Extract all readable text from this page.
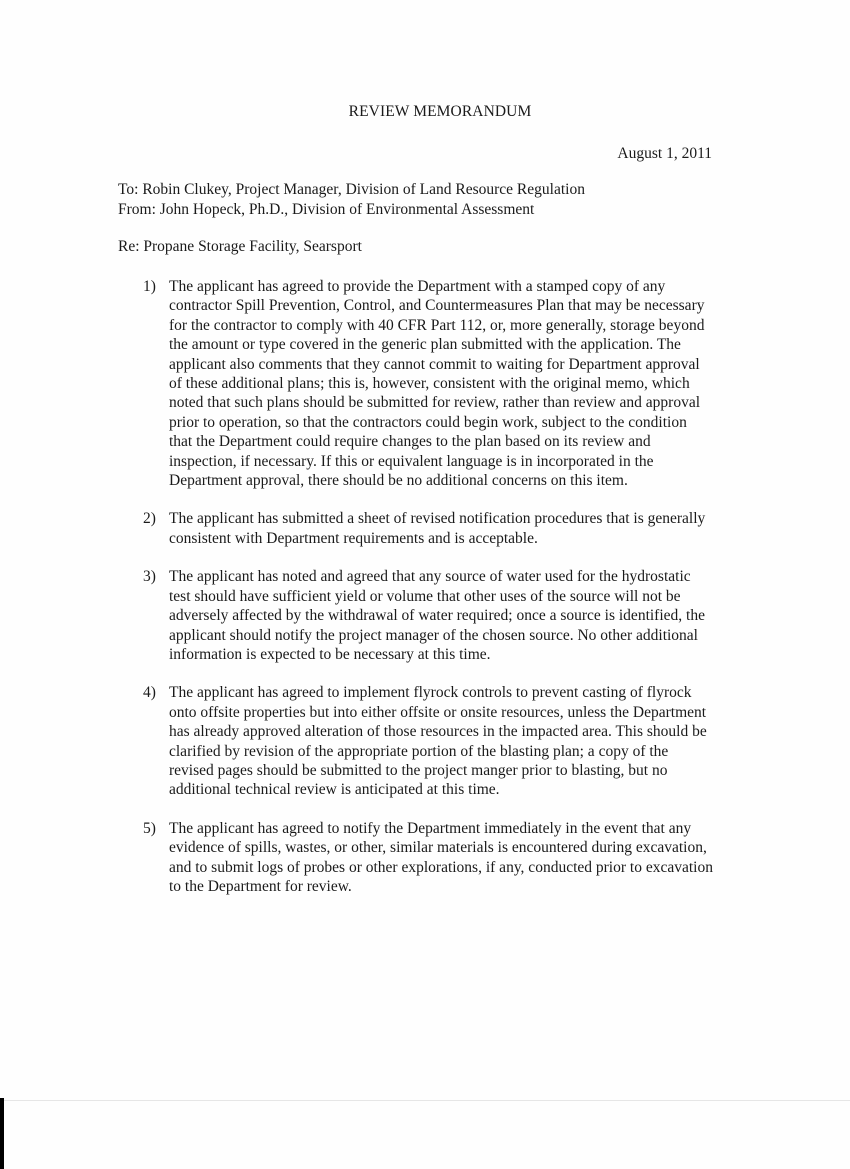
REVIEW MEMORANDUM
August 1, 2011
To: Robin Clukey, Project Manager, Division of Land Resource Regulation
From: John Hopeck, Ph.D., Division of Environmental Assessment
Re: Propane Storage Facility, Searsport
1) The applicant has agreed to provide the Department with a stamped copy of any contractor Spill Prevention, Control, and Countermeasures Plan that may be necessary for the contractor to comply with 40 CFR Part 112, or, more generally, storage beyond the amount or type covered in the generic plan submitted with the application. The applicant also comments that they cannot commit to waiting for Department approval of these additional plans; this is, however, consistent with the original memo, which noted that such plans should be submitted for review, rather than review and approval prior to operation, so that the contractors could begin work, subject to the condition that the Department could require changes to the plan based on its review and inspection, if necessary. If this or equivalent language is in incorporated in the Department approval, there should be no additional concerns on this item.
2) The applicant has submitted a sheet of revised notification procedures that is generally consistent with Department requirements and is acceptable.
3) The applicant has noted and agreed that any source of water used for the hydrostatic test should have sufficient yield or volume that other uses of the source will not be adversely affected by the withdrawal of water required; once a source is identified, the applicant should notify the project manager of the chosen source. No other additional information is expected to be necessary at this time.
4) The applicant has agreed to implement flyrock controls to prevent casting of flyrock onto offsite properties but into either offsite or onsite resources, unless the Department has already approved alteration of those resources in the impacted area. This should be clarified by revision of the appropriate portion of the blasting plan; a copy of the revised pages should be submitted to the project manger prior to blasting, but no additional technical review is anticipated at this time.
5) The applicant has agreed to notify the Department immediately in the event that any evidence of spills, wastes, or other, similar materials is encountered during excavation, and to submit logs of probes or other explorations, if any, conducted prior to excavation to the Department for review.
